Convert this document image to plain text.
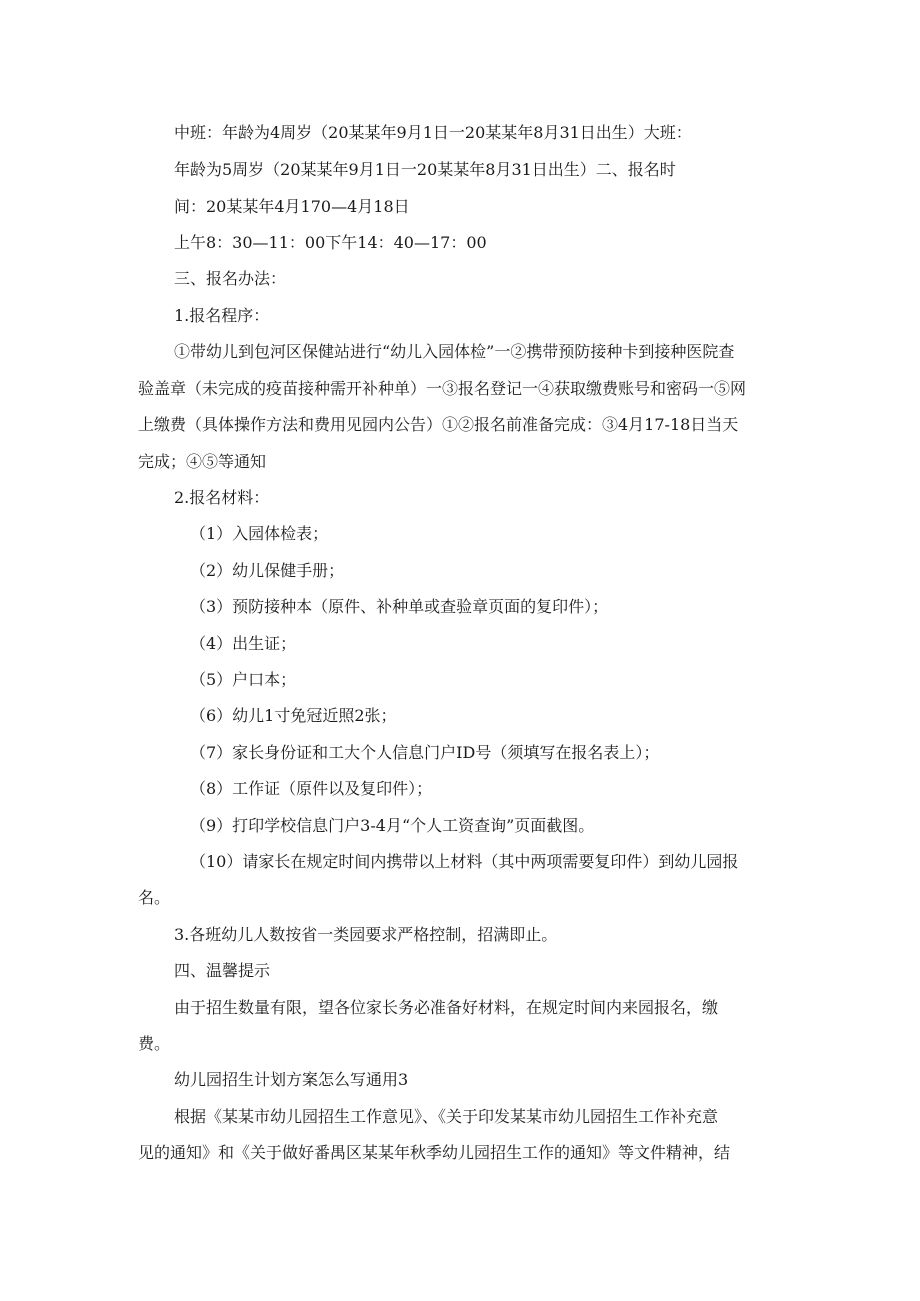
中班：年龄为4周岁（20某某年9月1日一20某某年8月31日出生）大班：

年龄为5周岁（20某某年9月1日一20某某年8月31日出生）二、报名时

间：20某某年4月170—4月18日

上午8：30—11：00下午14：40—17：00

三、报名办法：

1.报名程序：

①带幼儿到包河区保健站进行“幼儿入园体检”一②携带预防接种卡到接种医院查

验盖章（未完成的疫苗接种需开补种单）一③报名登记一④获取缴费账号和密码一⑤网

上缴费（具体操作方法和费用见园内公告）①②报名前准备完成：③4月17-18日当天

完成；④⑤等通知

2.报名材料：

（1）入园体检表；

（2）幼儿保健手册；

（3）预防接种本（原件、补种单或查验章页面的复印件）；

（4）出生证；

（5）户口本；

（6）幼儿1寸免冠近照2张；

（7）家长身份证和工大个人信息门户ID号（须填写在报名表上）；

（8）工作证（原件以及复印件）；

（9）打印学校信息门户3-4月“个人工资查询”页面截图。

（10）请家长在规定时间内携带以上材料（其中两项需要复印件）到幼儿园报

名。

3.各班幼儿人数按省一类园要求严格控制，招满即止。

四、温馨提示

由于招生数量有限，望各位家长务必准备好材料，在规定时间内来园报名，缴

费。

幼儿园招生计划方案怎么写通用3

根据《某某市幼儿园招生工作意见》、《关于印发某某市幼儿园招生工作补充意

见的通知》和《关于做好番禺区某某年秋季幼儿园招生工作的通知》等文件精神，结
